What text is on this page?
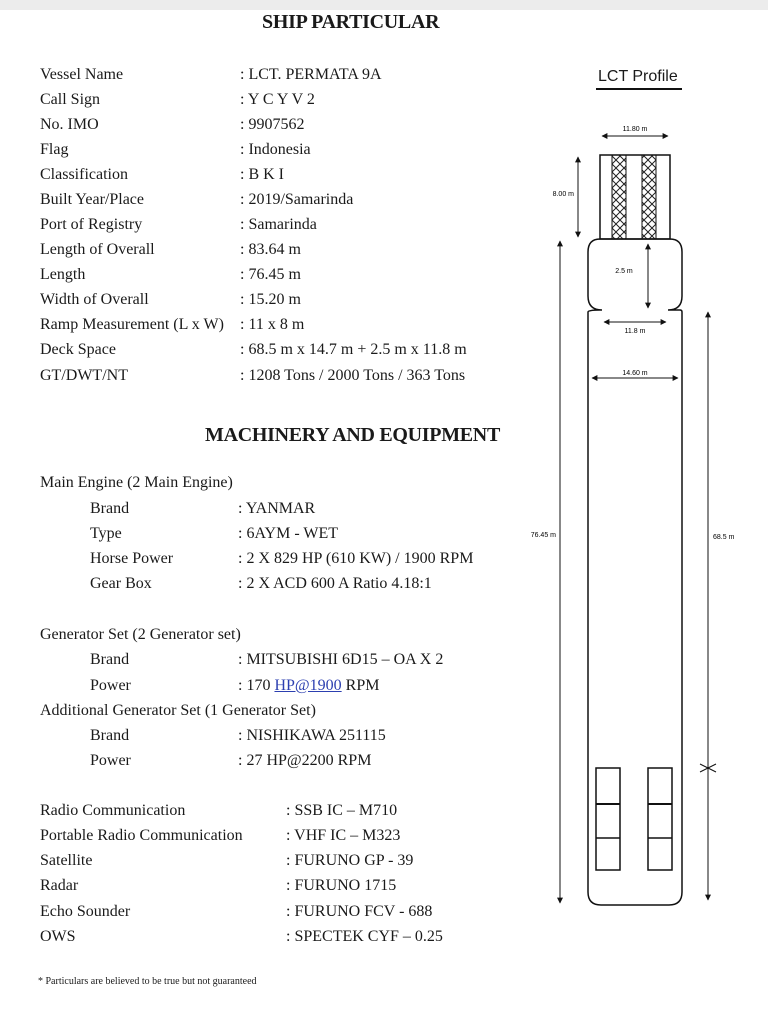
SHIP PARTICULAR
Vessel Name	: LCT. PERMATA 9A
Call Sign	: Y C Y V 2
No. IMO	: 9907562
Flag	: Indonesia
Classification	: B K I
Built Year/Place	: 2019/Samarinda
Port of Registry	: Samarinda
Length of Overall	: 83.64 m
Length	: 76.45 m
Width of Overall	: 15.20 m
Ramp Measurement (L x W) : 11 x 8 m
Deck Space	: 68.5 m x 14.7 m + 2.5 m x 11.8 m
GT/DWT/NT	: 1208 Tons / 2000 Tons / 363 Tons
MACHINERY AND EQUIPMENT
Main Engine (2 Main Engine)
Brand	: YANMAR
Type	: 6AYM - WET
Horse Power	: 2 X 829 HP (610 KW) / 1900 RPM
Gear Box	: 2 X ACD 600 A Ratio 4.18:1
Generator Set (2 Generator set)
Brand	: MITSUBISHI 6D15 – OA X 2
Power	: 170 HP@1900 RPM
Additional Generator Set (1 Generator Set)
Brand	: NISHIKAWA 251115
Power	: 27 HP@2200 RPM
Radio Communication	: SSB IC – M710
Portable Radio Communication	: VHF IC – M323
Satellite	: FURUNO GP - 39
Radar	: FURUNO 1715
Echo Sounder	: FURUNO FCV - 688
OWS	: SPECTEK CYF – 0.25
* Particulars are believed to be true but not guaranteed
LCT Profile
11.80 m
8.00 m
2.5 m
11.8 m
14.60 m
76.45 m	68.5 m
